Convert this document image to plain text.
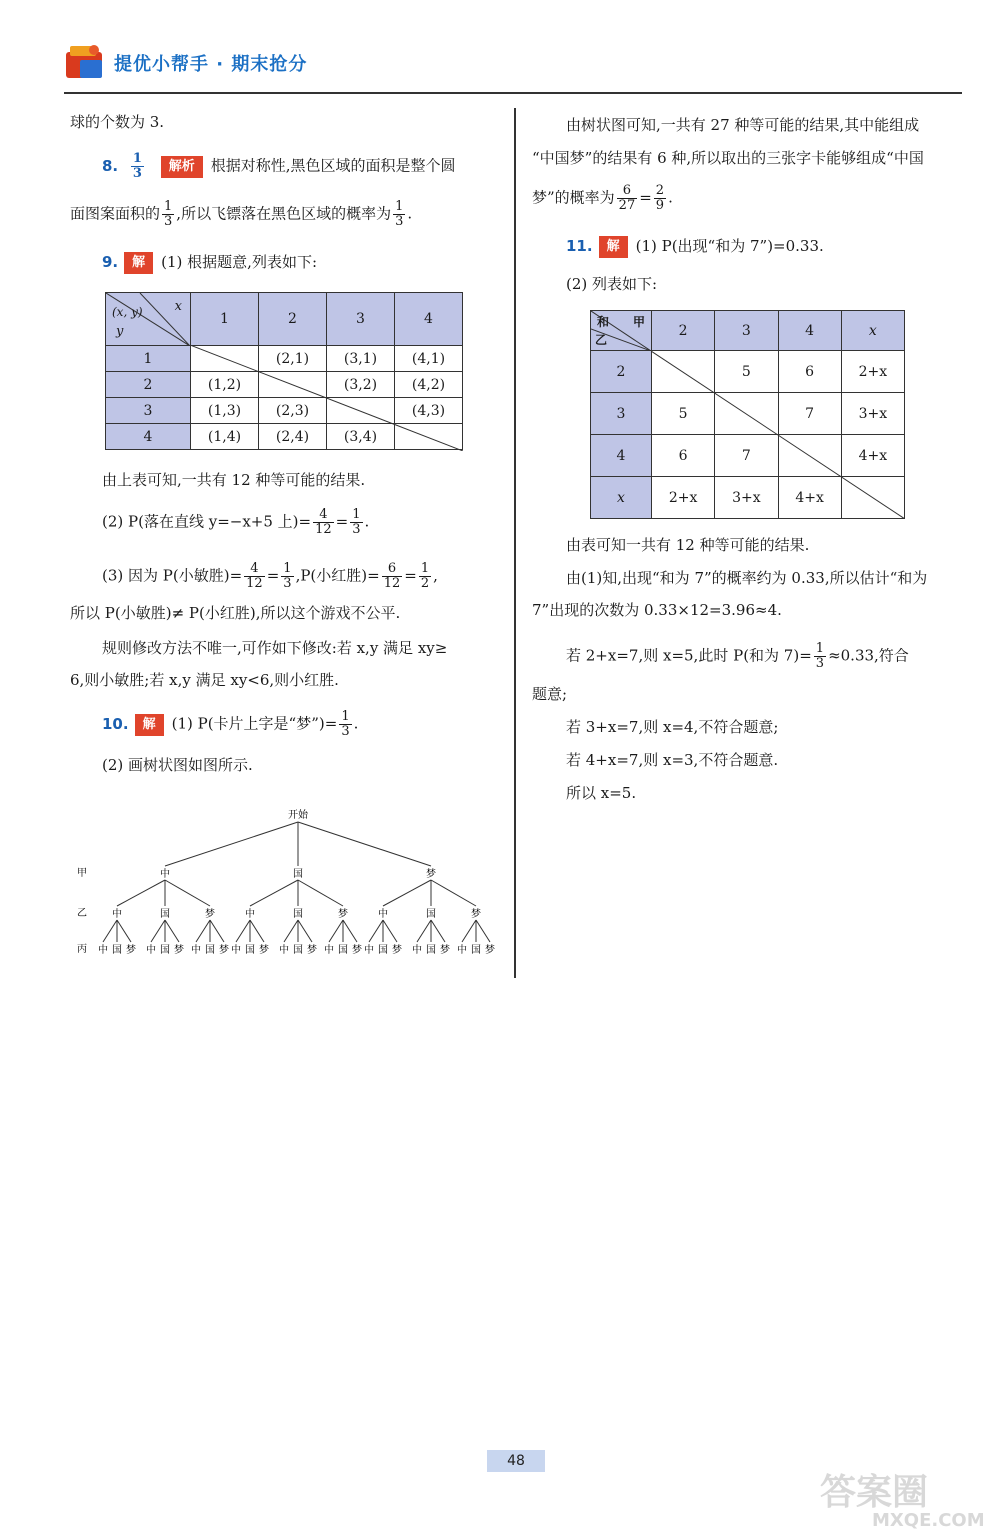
提优小帮手 · 期末抢分
球的个数为 3.
8. $\frac{1}{3}$ 解析 根据对称性,黑色区域的面积是整个圆
面图案面积的 $\frac{1}{3}$ ,所以飞镖落在黑色区域的概率为 $\frac{1}{3}$ .
9. 解 (1) 根据题意,列表如下:
x
(x, y)
y	1	2	3	4
1		(2,1)	(3,1)	(4,1)
2	(1,2)		(3,2)	(4,2)
3	(1,3)	(2,3)		(4,3)
4	(1,4)	(2,4)	(3,4)	
由上表可知,一共有 12 种等可能的结果.
(2) P(落在直线 y=−x+5 上)= $\frac{4}{12} = \frac{1}{3}$ .
(3) 因为 P(小敏胜)= $\frac{4}{12} = \frac{1}{3} ,P$(小红胜)= $\frac{6}{12} = \frac{1}{2}$ ,
所以 P(小敏胜)≠ P(小红胜),所以这个游戏不公平.
规则修改方法不唯一,可作如下修改:若 x,y 满足 xy≥
6,则小敏胜;若 x,y 满足 xy<6,则小红胜.
10. 解 (1) P(卡片上字是“梦”)= $\frac{1}{3}$ .
(2) 画树状图如图所示.
开始
甲
乙
丙
中
中
中 国 梦
国
中 国 梦
梦
中 国 梦
国
中
中 国 梦
国
中 国 梦
梦
中 国 梦
梦
中
中 国 梦
国
中 国 梦
梦
中 国 梦
由树状图可知,一共有 27 种等可能的结果,其中能组成
“中国梦”的结果有 6 种,所以取出的三张字卡能够组成“中国
梦”的概率为 $\frac{6}{27} = \frac{2}{9}$ .
11. 解 (1) P(出现“和为 7”)=0.33.
(2) 列表如下:
和 甲
乙	2	3	4	x
2		5	6	2+x
3	5		7	3+x
4	6	7		4+x
x	2+x	3+x	4+x	
由表可知一共有 12 种等可能的结果.
由(1)知,出现“和为 7”的概率约为 0.33,所以估计“和为
7”出现的次数为 0.33×12=3.96≈4.
若 2+x=7,则 x=5,此时 P(和为 $7)= \frac{1}{3} \approx 0.33$,符合
题意;
若 3+x=7,则 x=4,不符合题意;
若 4+x=7,则 x=3,不符合题意.
所以 x=5.
48
答案圈
MXQE.COM
